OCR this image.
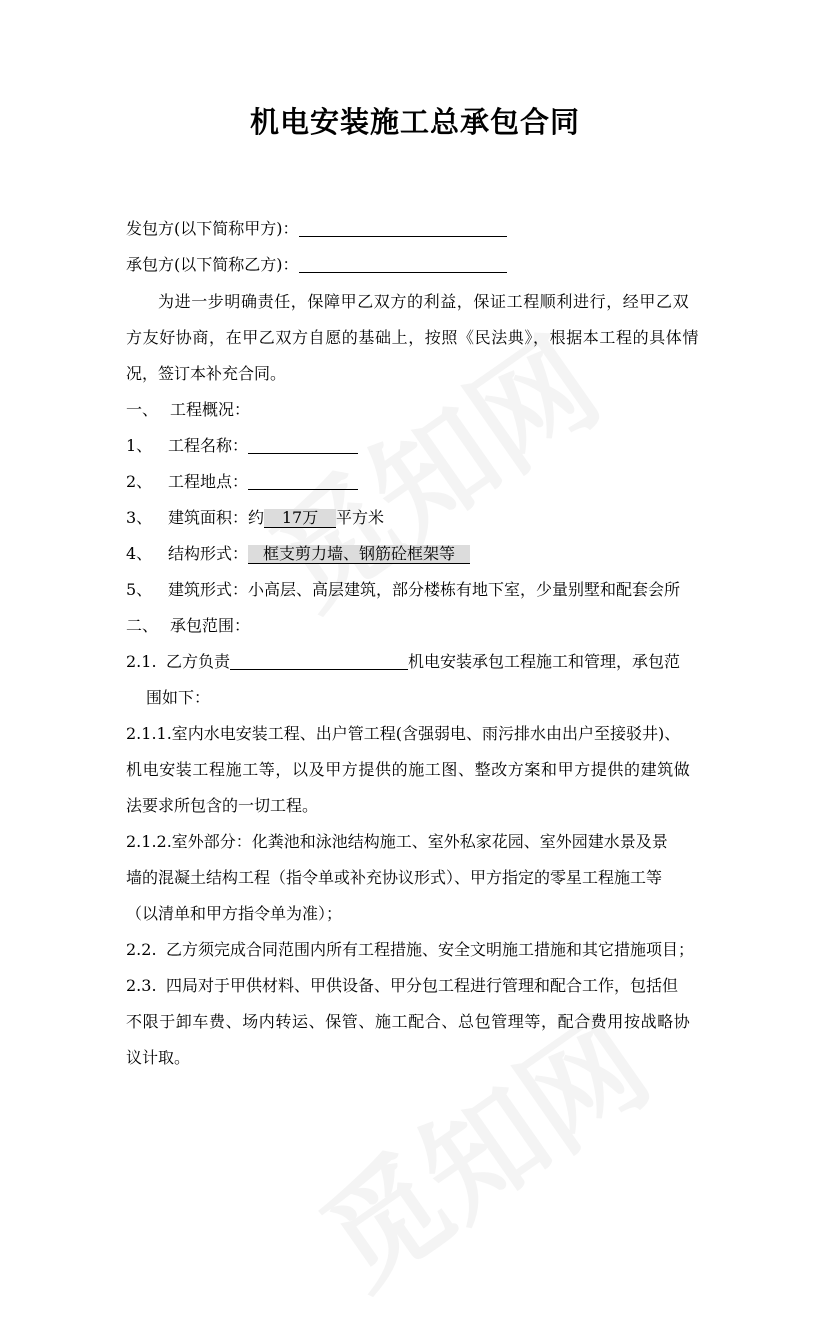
机电安装施工总承包合同
发包方(以下简称甲方)：
承包方(以下简称乙方)：
为进一步明确责任，保障甲乙双方的利益，保证工程顺利进行，经甲乙双
方友好协商，在甲乙双方自愿的基础上，按照《民法典》，根据本工程的具体情
况，签订本补充合同。
一、 工程概况：
1、 工程名称：
2、 工程地点：
3、 建筑面积：约 17万 平方米
4、 结构形式： 框支剪力墙、钢筋砼框架等
5、 建筑形式：小高层、高层建筑，部分楼栋有地下室，少量别墅和配套会所
二、 承包范围：
2.1. 乙方负责	机电安装承包工程施工和管理，承包范
围如下：
2.1.1.室内水电安装工程、出户管工程(含强弱电、雨污排水由出户至接驳井)、
机电安装工程施工等，以及甲方提供的施工图、整改方案和甲方提供的建筑做
法要求所包含的一切工程。
2.1.2.室外部分：化粪池和泳池结构施工、室外私家花园、室外园建水景及景
墙的混凝土结构工程（指令单或补充协议形式）、甲方指定的零星工程施工等
（以清单和甲方指令单为准）；
2.2. 乙方须完成合同范围内所有工程措施、安全文明施工措施和其它措施项目；
2.3. 四局对于甲供材料、甲供设备、甲分包工程进行管理和配合工作，包括但
不限于卸车费、场内转运、保管、施工配合、总包管理等，配合费用按战略协
议计取。
